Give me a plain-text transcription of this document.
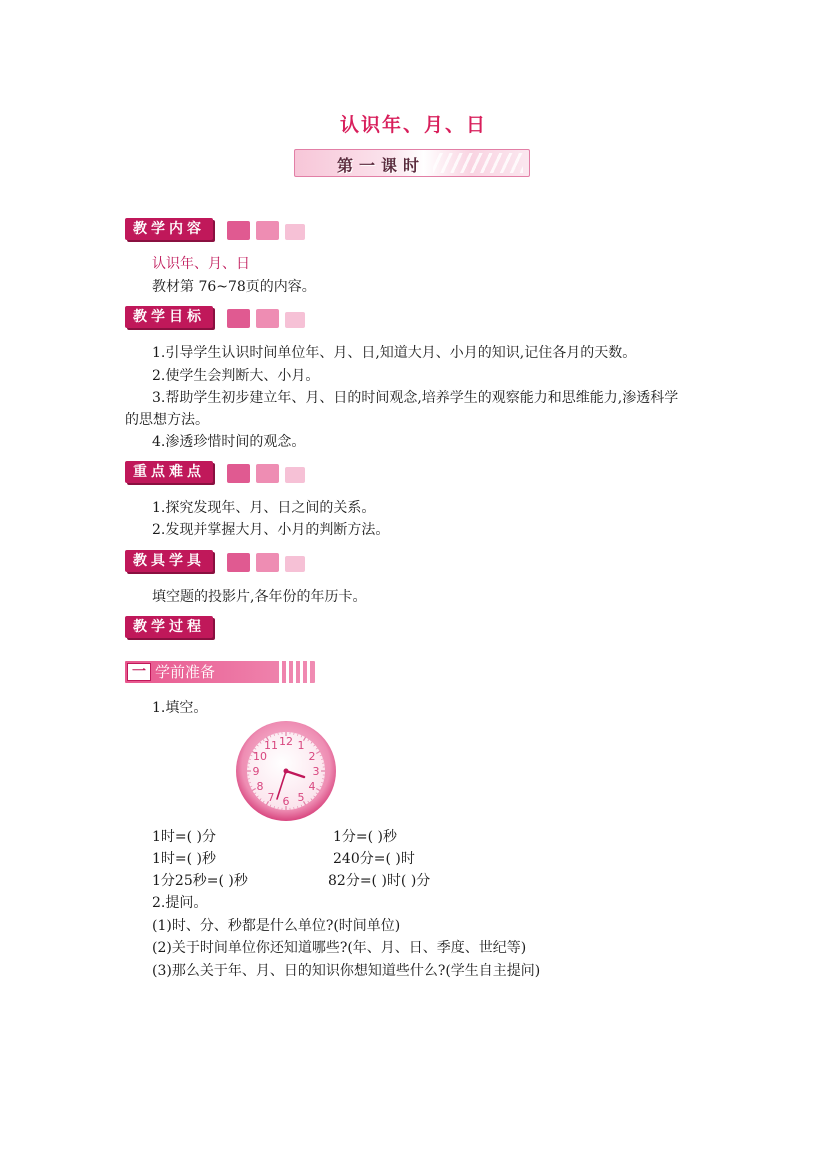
认识年、月、日
第一课时
教学内容
认识年、月、日
教材第 76~78页的内容。
教学目标
1.引导学生认识时间单位年、月、日,知道大月、小月的知识,记住各月的天数。
2.使学生会判断大、小月。
3.帮助学生初步建立年、月、日的时间观念,培养学生的观察能力和思维能力,渗透科学
的思想方法。
4.渗透珍惜时间的观念。
重点难点
1.探究发现年、月、日之间的关系。
2.发现并掌握大月、小月的判断方法。
教具学具
填空题的投影片,各年份的年历卡。
教学过程
一 学前准备
1.填空。
12 1
2
3
4
5
6
7
8
9
10
11
1时=( )分	1分=( )秒
1时=( )秒	240分=( )时
1分25秒=( )秒	82分=( )时( )分
2.提问。
(1)时、分、秒都是什么单位?(时间单位)
(2)关于时间单位你还知道哪些?(年、月、日、季度、世纪等)
(3)那么关于年、月、日的知识你想知道些什么?(学生自主提问)
